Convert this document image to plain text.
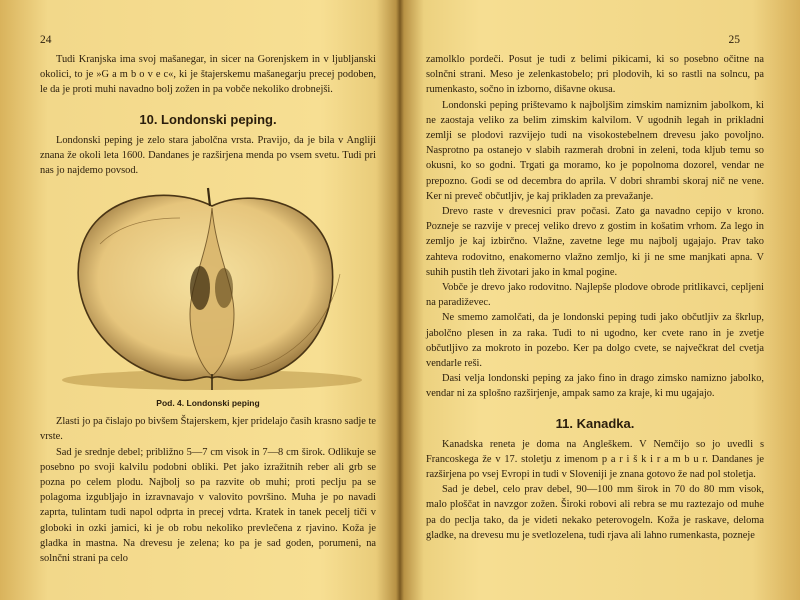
24

Tudi Kranjska ima svoj mašanegar, in sicer na Gorenjskem in v ljubljanski okolici, to je »G a m b o v e c«, ki je štajerskemu mašanegarju precej podoben, le da je proti muhi navadno bolj zožen in pa vobče nekoliko drobnejši.

10. Londonski peping.

Londonski peping je zelo stara jabolčna vrsta. Pravijo, da je bila v Angliji znana že okoli leta 1600. Dandanes je razširjena menda po vsem svetu. Tudi pri nas jo najdemo povsod.

Pod. 4. Londonski peping

Zlasti jo pa čislajo po bivšem Štajerskem, kjer pridelajo časih krasno sadje te vrste.

Sad je srednje debel; približno 5—7 cm visok in 7—8 cm širok. Odlikuje se posebno po svoji kalvilu podobni obliki. Pet jako izražitnih reber ali grb se pozna po celem plodu. Najbolj so pa razvite ob muhi; proti peclju pa se polagoma izgubljajo in izravnavajo v valovito površino. Muha je po navadi zaprta, tulintam tudi napol odprta in precej vdrta. Kratek in tanek pecelj tiči v globoki in ozki jamici, ki je ob robu nekoliko prevlečena z rjavino. Koža je gladka in mastna. Na drevesu je zelena; ko pa je sad goden, porumeni, na solnčni strani pa celo

25

zamolklo pordeči. Posut je tudi z belimi pikicami, ki so posebno očitne na solnčni strani. Meso je zelenkastobelo; pri plodovih, ki so rastli na solncu, pa rumenkasto, sočno in izborno, dišavne okusa.

Londonski peping prištevamo k najboljšim zimskim namiznim jabolkom, ki ne zaostaja veliko za belim zimskim kalvilom. V ugodnih legah in prikladni zemlji se plodovi razvijejo tudi na visokostebelnem drevesu jako povoljno. Nasprotno pa ostanejo v slabih razmerah drobni in zeleni, toda kljub temu so okusni, ko so godni. Trgati ga moramo, ko je popolnoma dozorel, vendar ne prepozno. Godi se od decembra do aprila. V dobri shrambi skoraj nič ne vene. Ker ni preveč občutljiv, je kaj prikladen za prevažanje.

Drevo raste v drevesnici prav počasi. Zato ga navadno cepijo v krono. Pozneje se razvije v precej veliko drevo z gostim in košatim vrhom. Za lego in zemljo je kaj izbirčno. Vlažne, zavetne lege mu najbolj ugajajo. Prav tako zahteva rodovitno, enakomerno vlažno zemljo, ki ji ne sme manjkati apna. V suhih pustih tleh životari jako in kmal pogine.

Vobče je drevo jako rodovitno. Najlepše plodove obrode pritlikavci, cepljeni na paradiževec.

Ne smemo zamolčati, da je londonski peping tudi jako občutljiv za škrlup, jabolčno plesen in za raka. Tudi to ni ugodno, ker cvete rano in je zvetje občutljivo za mokroto in pozebo. Ker pa dolgo cvete, se največkrat del cvetja vendarle reši.

Dasi velja londonski peping za jako fino in drago zimsko namizno jabolko, vendar ni za splošno razširjenje, ampak samo za kraje, ki mu ugajajo.

11. Kanadka.

Kanadska reneta je doma na Angleškem. V Nemčijo so jo uvedli s Francoskega že v 17. stoletju z imenom p a r i š k i r a m b u r. Dandanes je razširjena po vsej Evropi in tudi v Sloveniji je znana gotovo že nad pol stoletja.

Sad je debel, celo prav debel, 90—100 mm širok in 70 do 80 mm visok, malo ploščat in navzgor zožen. Široki robovi ali rebra se mu raztezajo od muhe pa do peclja tako, da je videti nekako peterovogeln. Koža je raskave, deloma gladke, na drevesu mu je svetlozelena, tudi rjava ali lahno rumenkasta, pozneje
